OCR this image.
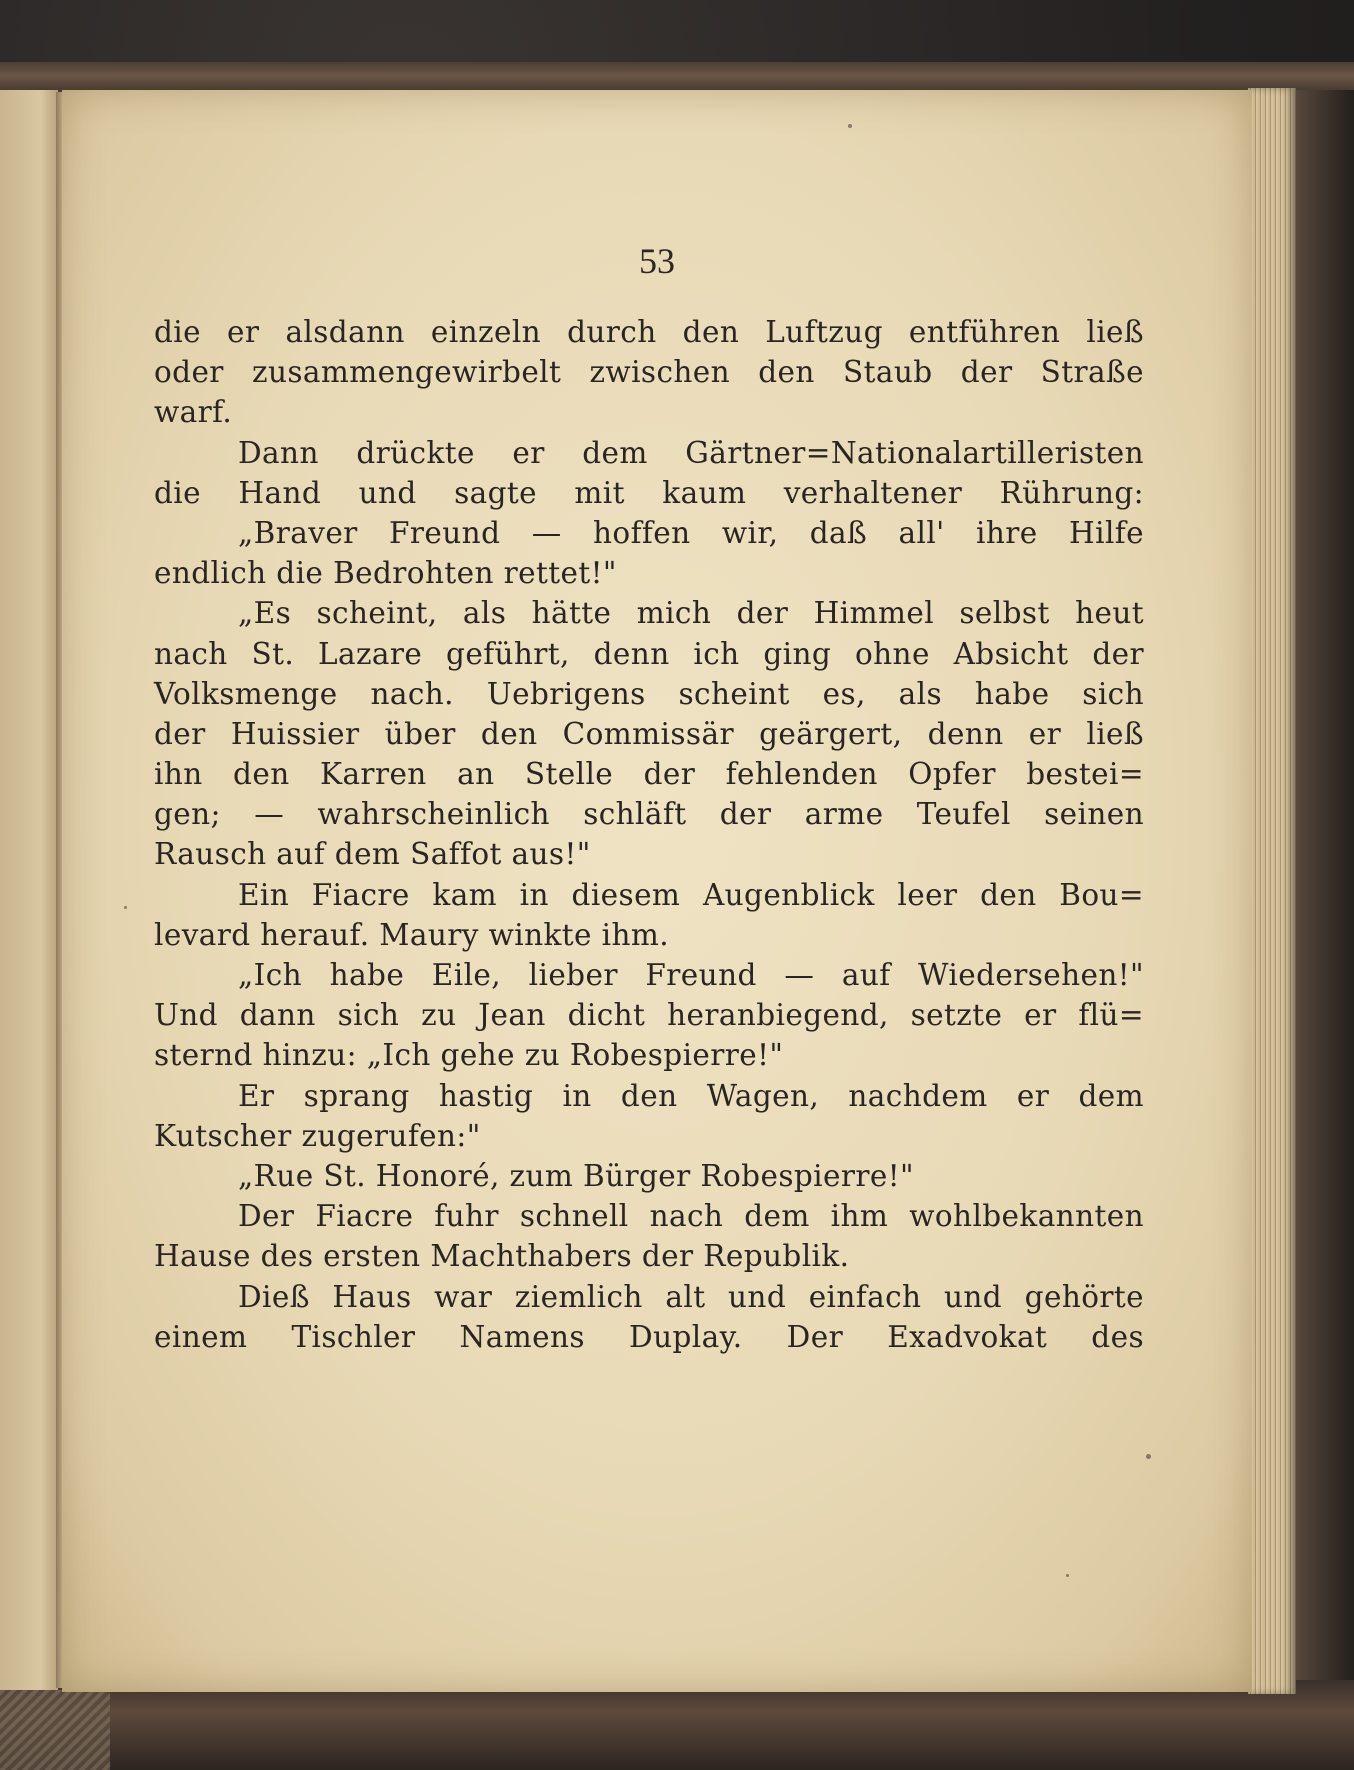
53

die er alsdann einzeln durch den Luftzug entführen ließ
oder zusammengewirbelt zwischen den Staub der Straße
warf.
Dann drückte er dem Gärtner=Nationalartilleristen
die Hand und sagte mit kaum verhaltener Rührung:
„Braver Freund — hoffen wir, daß all' ihre Hilfe
endlich die Bedrohten rettet!"
„Es scheint, als hätte mich der Himmel selbst heut
nach St. Lazare geführt, denn ich ging ohne Absicht der
Volksmenge nach. Uebrigens scheint es, als habe sich
der Huissier über den Commissär geärgert, denn er ließ
ihn den Karren an Stelle der fehlenden Opfer bestei=
gen; — wahrscheinlich schläft der arme Teufel seinen
Rausch auf dem Saffot aus!"
Ein Fiacre kam in diesem Augenblick leer den Bou=
levard herauf. Maury winkte ihm.
„Ich habe Eile, lieber Freund — auf Wiedersehen!"
Und dann sich zu Jean dicht heranbiegend, setzte er flü=
sternd hinzu: „Ich gehe zu Robespierre!"
Er sprang hastig in den Wagen, nachdem er dem
Kutscher zugerufen:"
„Rue St. Honoré, zum Bürger Robespierre!"
Der Fiacre fuhr schnell nach dem ihm wohlbekannten
Hause des ersten Machthabers der Republik.
Dieß Haus war ziemlich alt und einfach und gehörte
einem Tischler Namens Duplay. Der Exadvokat des
